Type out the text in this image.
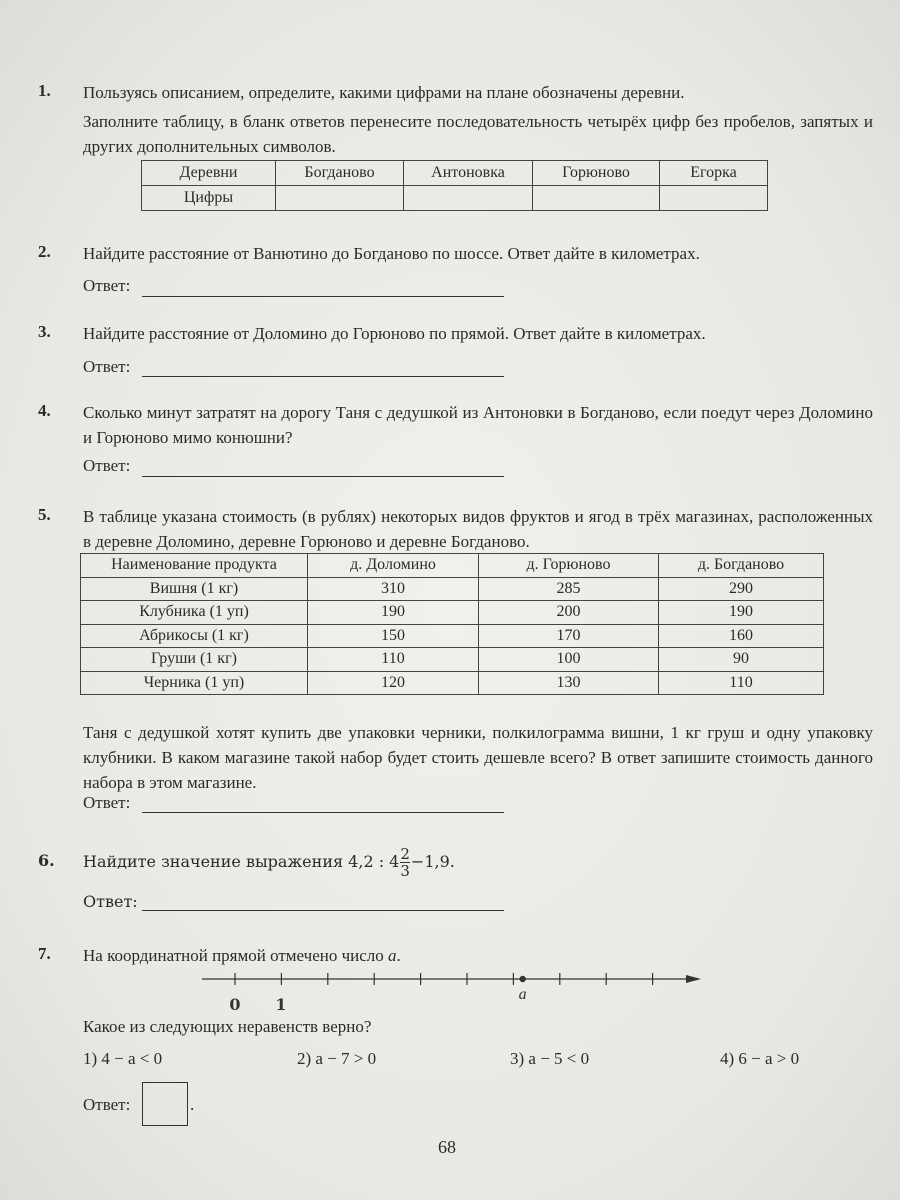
1. Пользуясь описанием, определите, какими цифрами на плане обозначены деревни.
Заполните таблицу, в бланк ответов перенесите последовательность четырёх цифр без пробелов, запятых и других дополнительных символов.
Деревни	Богданово	Антоновка	Горюново	Егорка
Цифры				
2. Найдите расстояние от Ванютино до Богданово по шоссе. Ответ дайте в километрах.
Ответ:
3. Найдите расстояние от Доломино до Горюново по прямой. Ответ дайте в километрах.
Ответ:
4. Сколько минут затратят на дорогу Таня с дедушкой из Антоновки в Богданово, если поедут через Доломино и Горюново мимо конюшни?
Ответ:
5. В таблице указана стоимость (в рублях) некоторых видов фруктов и ягод в трёх магазинах, расположенных в деревне Доломино, деревне Горюново и деревне Богданово.
Наименование продукта	д. Доломино	д. Горюново	д. Богданово
Вишня (1 кг)	310	285	290
Клубника (1 уп)	190	200	190
Абрикосы (1 кг)	150	170	160
Груши (1 кг)	110	100	90
Черника (1 уп)	120	130	110
Таня с дедушкой хотят купить две упаковки черники, полкилограмма вишни, 1 кг груш и одну упаковку клубники. В каком магазине такой набор будет стоить дешевле всего? В ответ запишите стоимость данного набора в этом магазине.
Ответ:
6. Найдите значение выражения 4,2 : $4 \frac{2}{3} -1,9$.
Ответ:
7. На координатной прямой отмечено число a.
a
0 1
Какое из следующих неравенств верно?
1) 4 − a < 0	2) a − 7 > 0	3) a − 5 < 0	4) 6 − a > 0
Ответ:	.
68
